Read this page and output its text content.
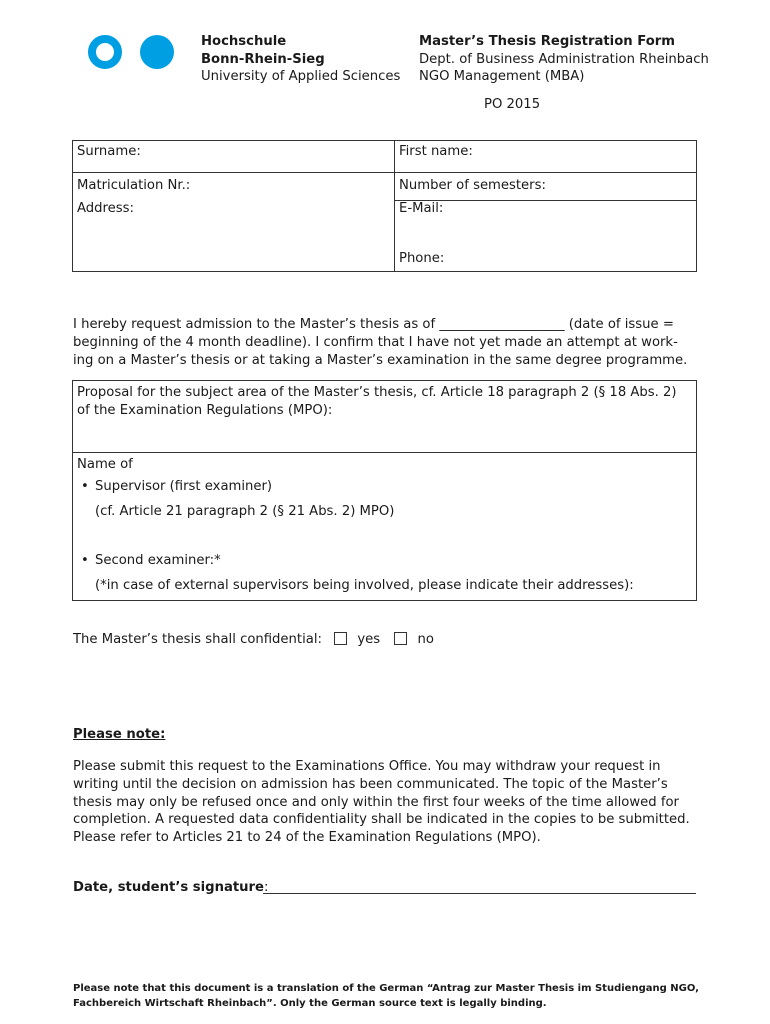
Hochschule
Bonn-Rhein-Sieg
University of Applied Sciences
Master’s Thesis Registration Form
Dept. of Business Administration Rheinbach
NGO Management (MBA)
PO 2015
Surname:	First name:
Matriculation Nr.:	Number of semesters:
Address:	E-Mail:
Phone:
I hereby request admission to the Master’s thesis as of ___________________ (date of issue = beginning of the 4 month deadline). I confirm that I have not yet made an attempt at work-ing on a Master’s thesis or at taking a Master’s examination in the same degree programme.
Proposal for the subject area of the Master’s thesis, cf. Article 18 paragraph 2 (§ 18 Abs. 2) of the Examination Regulations (MPO):
Name of
• Supervisor (first examiner)
(cf. Article 21 paragraph 2 (§ 21 Abs. 2) MPO)
• Second examiner:*
(*in case of external supervisors being involved, please indicate their addresses):
The Master’s thesis shall confidential:	yes	no
Please note:
Please submit this request to the Examinations Office. You may withdraw your request in writing until the decision on admission has been communicated. The topic of the Master’s thesis may only be refused once and only within the first four weeks of the time allowed for completion. A requested data confidentiality shall be indicated in the copies to be submitted. Please refer to Articles 21 to 24 of the Examination Regulations (MPO).
Date, student’s signature:
Please note that this document is a translation of the German “Antrag zur Master Thesis im Studiengang NGO, Fachbereich Wirtschaft Rheinbach”. Only the German source text is legally binding.
